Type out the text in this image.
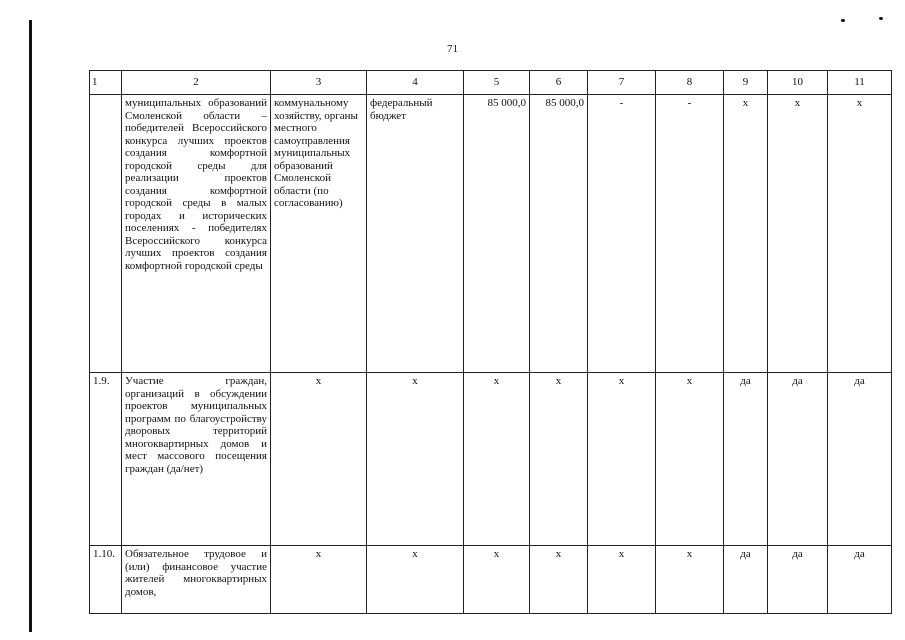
71
1	2	3	4	5	6	7	8	9	10	11
	муниципальных образований Смоленской области – победителей Всероссийского конкурса лучших проектов создания комфортной городской среды для реализации проектов создания комфортной городской среды в малых городах и исторических поселениях - победителях Всероссийского конкурса лучших проектов создания комфортной городской среды	коммунальному хозяйству, органы местного самоуправления муниципальных образований Смоленской области (по согласованию)	федеральный бюджет	85 000,0	85 000,0	-	-	х	х	х
1.9.	Участие граждан, организаций в обсуждении проектов муниципальных программ по благоустройству дворовых территорий многоквартирных домов и мест массового посещения граждан (да/нет)	х	х	х	х	х	х	да	да	да
1.10.	Обязательное трудовое и (или) финансовое участие жителей многоквартирных домов,	х	х	х	х	х	х	да	да	да
